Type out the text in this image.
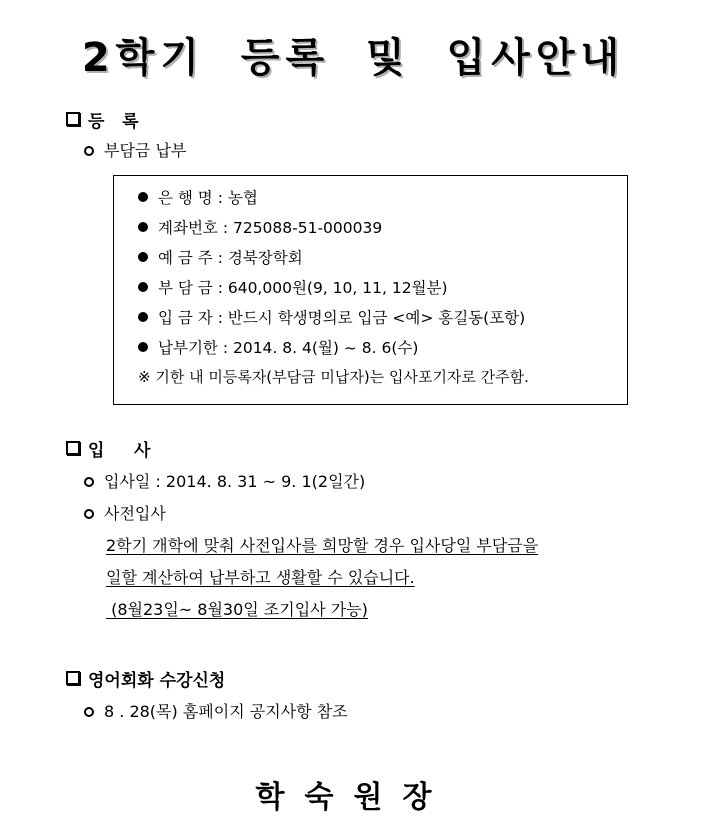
2학기 등록 및 입사안내
등   록
부담금 납부
은 행 명 : 농협
계좌번호 : 725088-51-000039
예 금 주 : 경북장학회
부 담 금 : 640,000원(9, 10, 11, 12월분)
입 금 자 : 반드시 학생명의로 입금 <예> 홍길동(포항)
납부기한 : 2014. 8. 4(월) ~ 8. 6(수)
※ 기한 내 미등록자(부담금 미납자)는 입사포기자로 간주함.
입     사
입사일 : 2014. 8. 31 ~ 9. 1(2일간)
사전입사
2학기 개학에 맞춰 사전입사를 희망할 경우 입사당일 부담금을
일할 계산하여 납부하고 생활할 수 있습니다.
(8월23일~ 8월30일 조기입사 가능)
영어회화 수강신청
8 . 28(목) 홈페이지 공지사항 참조
학숙원장
